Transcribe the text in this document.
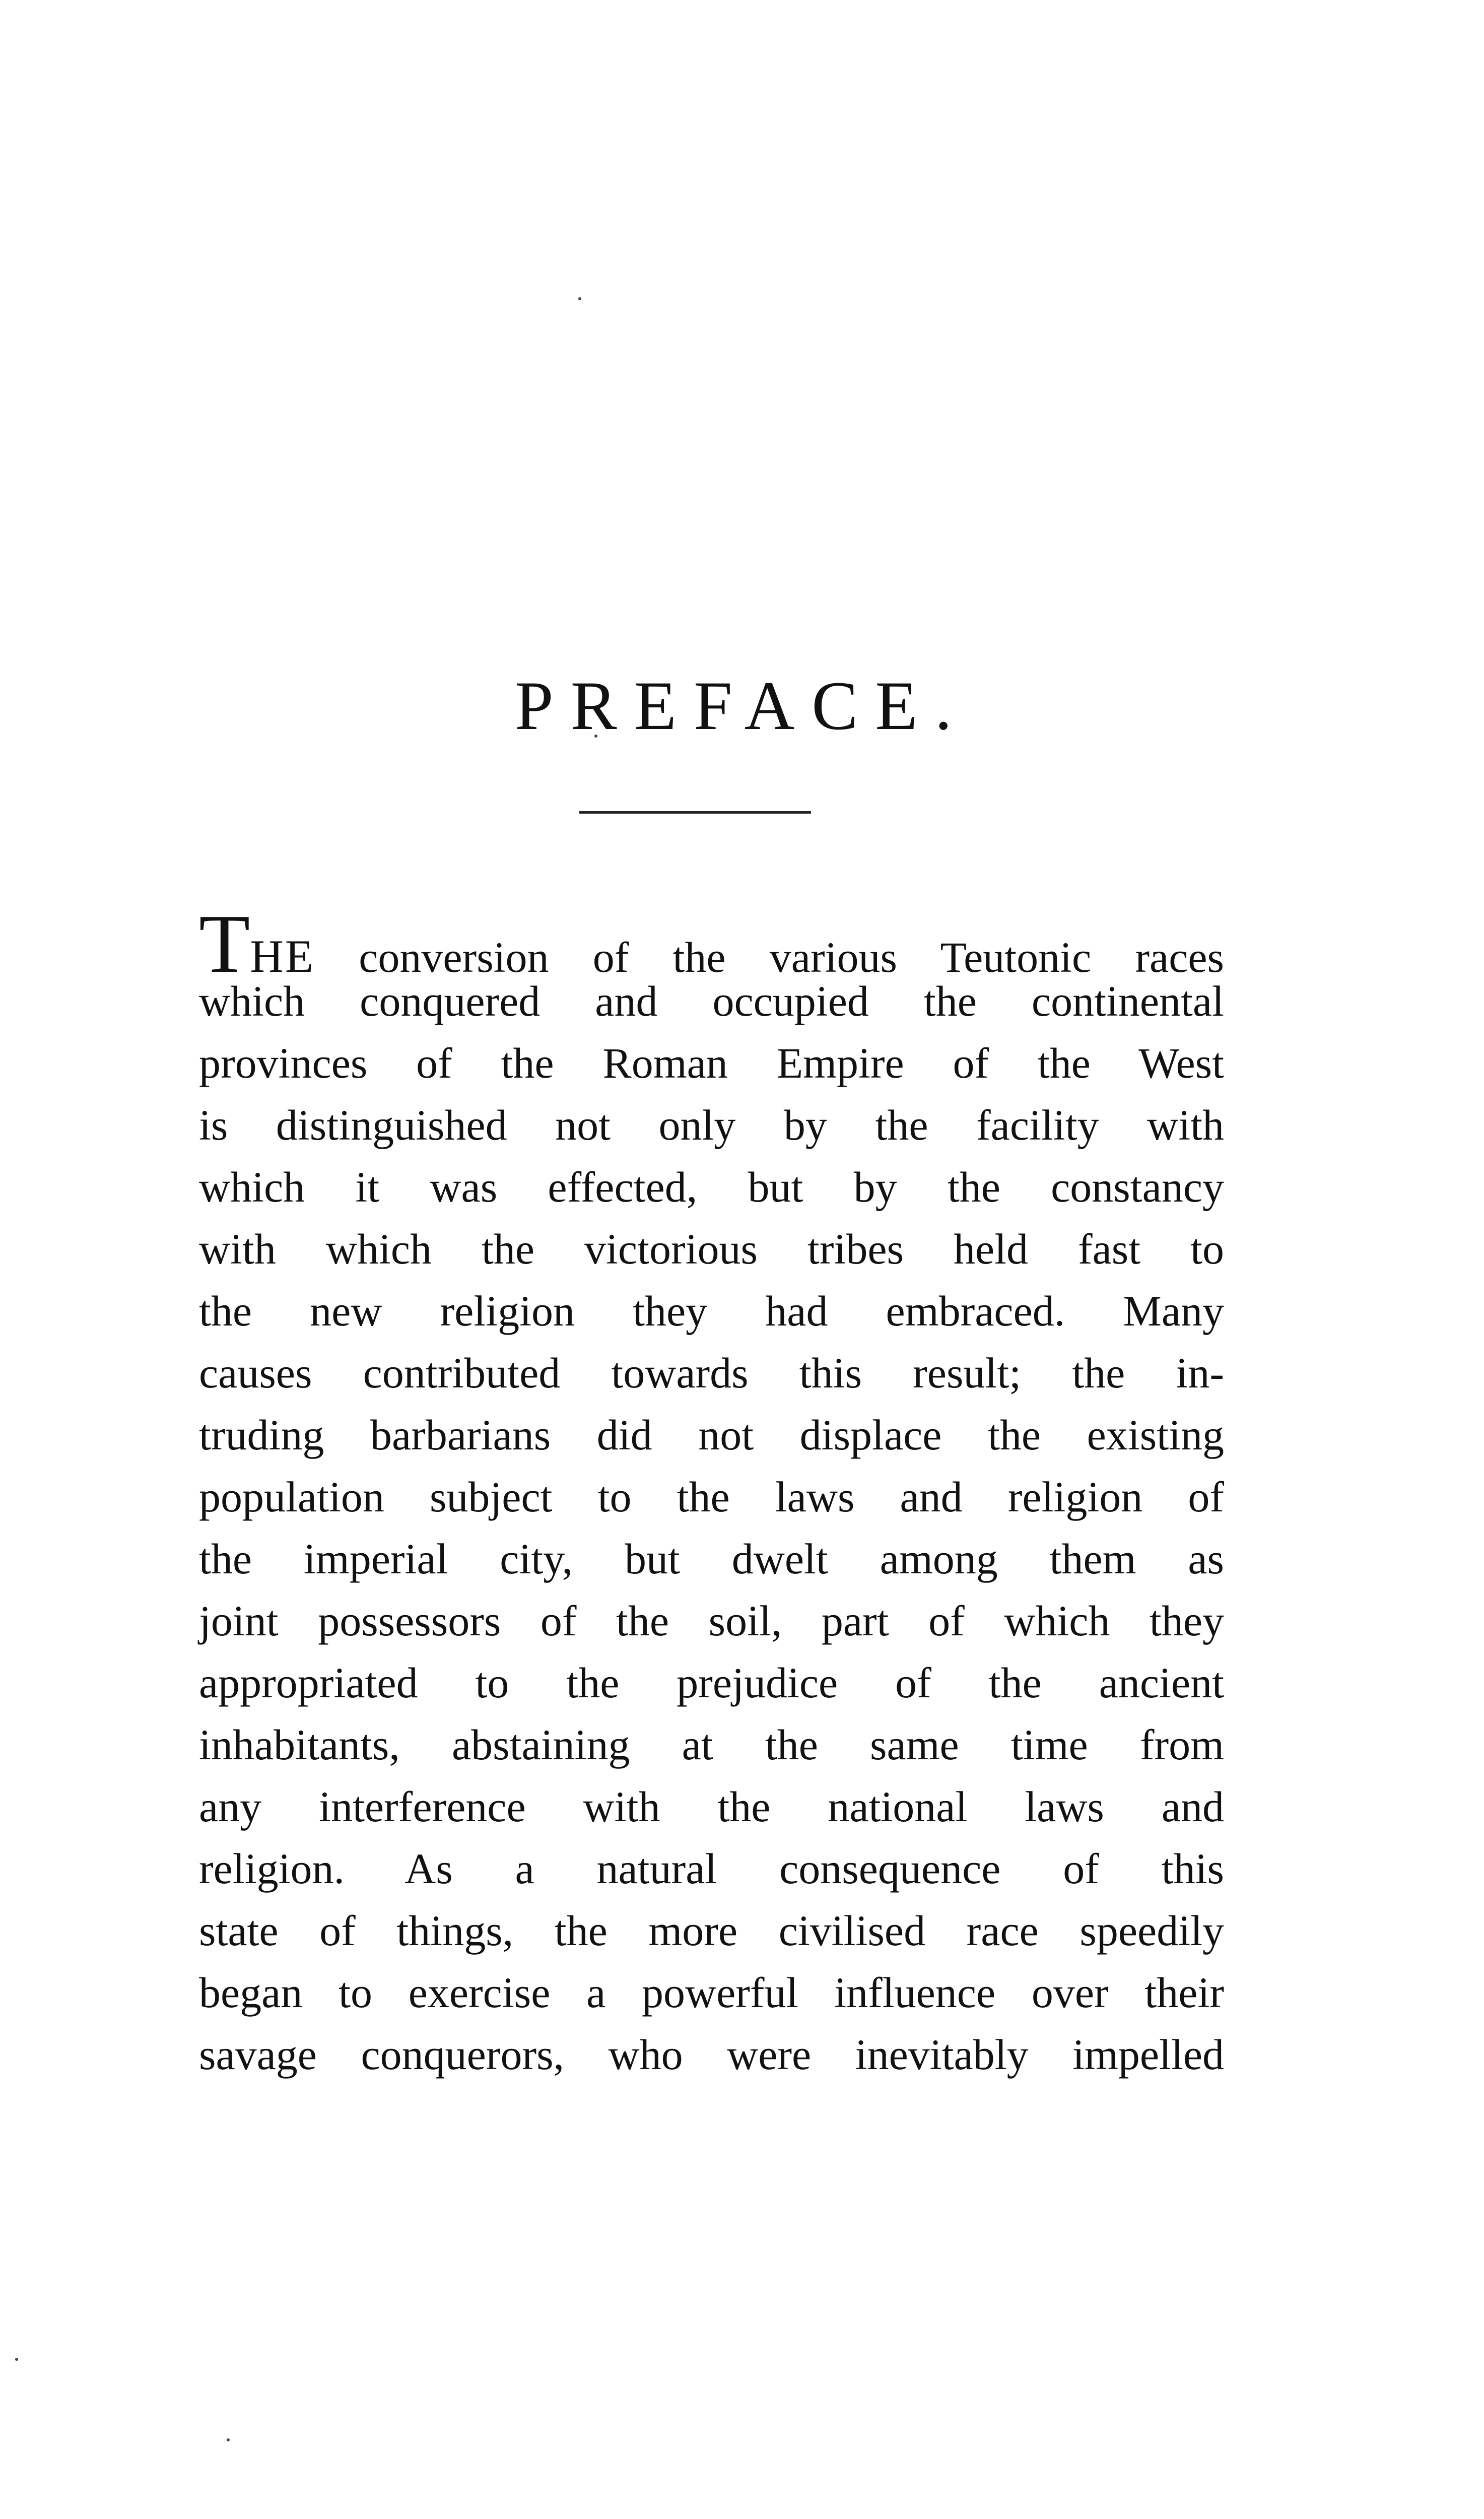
PREFACE.
THE conversion of the various Teutonic races
which conquered and occupied the continental
provinces of the Roman Empire of the West
is distinguished not only by the facility with
which it was effected, but by the constancy
with which the victorious tribes held fast to
the new religion they had embraced. Many
causes contributed towards this result; the in-
truding barbarians did not displace the existing
population subject to the laws and religion of
the imperial city, but dwelt among them as
joint possessors of the soil, part of which they
appropriated to the prejudice of the ancient
inhabitants, abstaining at the same time from
any interference with the national laws and
religion. As a natural consequence of this
state of things, the more civilised race speedily
began to exercise a powerful influence over their
savage conquerors, who were inevitably impelled
